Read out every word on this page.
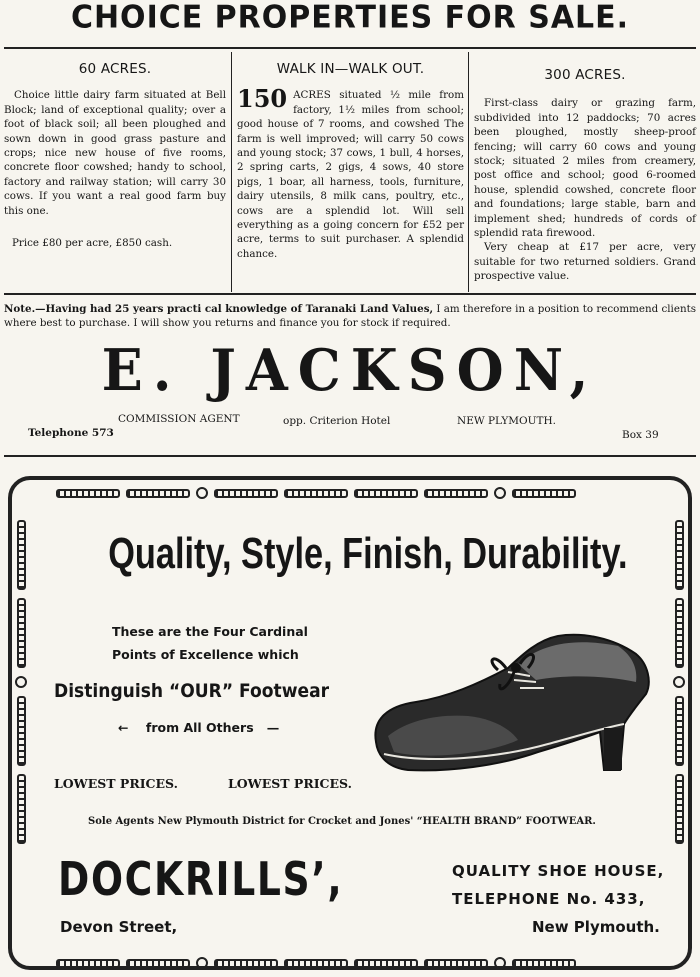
CHOICE PROPERTIES FOR SALE.
60 ACRES.

Choice little dairy farm situated at Bell Block; land of exceptional quality; over a foot of black soil; all been ploughed and sown down in good grass pasture and crops; nice new house of five rooms, concrete floor cowshed; handy to school, factory and railway station; will carry 30 cows. If you want a real good farm buy this one.

Price £80 per acre, £850 cash.

WALK IN—WALK OUT.

150 ACRES situated ½ mile from factory, 1½ miles from school; good house of 7 rooms, and cowshed The farm is well improved; will carry 50 cows and young stock; 37 cows, 1 bull, 4 horses, 2 spring carts, 2 gigs, 4 sows, 40 store pigs, 1 boar, all harness, tools, furniture, dairy utensils, 8 milk cans, poultry, etc., cows are a splendid lot. Will sell everything as a going concern for £52 per acre, terms to suit purchaser. A splendid chance.

300 ACRES.

First-class dairy or grazing farm, subdivided into 12 paddocks; 70 acres been ploughed, mostly sheep-proof fencing; will carry 60 cows and young stock; situated 2 miles from creamery, post office and school; good 6-roomed house, splendid cowshed, concrete floor and foundations; large stable, barn and implement shed; hundreds of cords of splendid rata firewood.

Very cheap at £17 per acre, very suitable for two returned soldiers. Grand prospective value.

Note.—Having had 25 years practi cal knowledge of Taranaki Land Values, I am therefore in a position to recommend clients where best to purchase. I will show you returns and finance you for stock if required.
E. JACKSON,
COMMISSION AGENT	opp. Criterion Hotel	NEW PLYMOUTH.
Telephone 573	Box 39
Quality, Style, Finish, Durability.
These are the Four Cardinal
Points of Excellence which
Distinguish “OUR” Footwear
←    from All Others   —
LOWEST PRICES.	LOWEST PRICES.
Sole Agents New Plymouth District for Crocket and Jones' “HEALTH BRAND” FOOTWEAR.
DOCKRILLS’,
Devon Street,
QUALITY SHOE HOUSE,
TELEPHONE No. 433,
New Plymouth.
